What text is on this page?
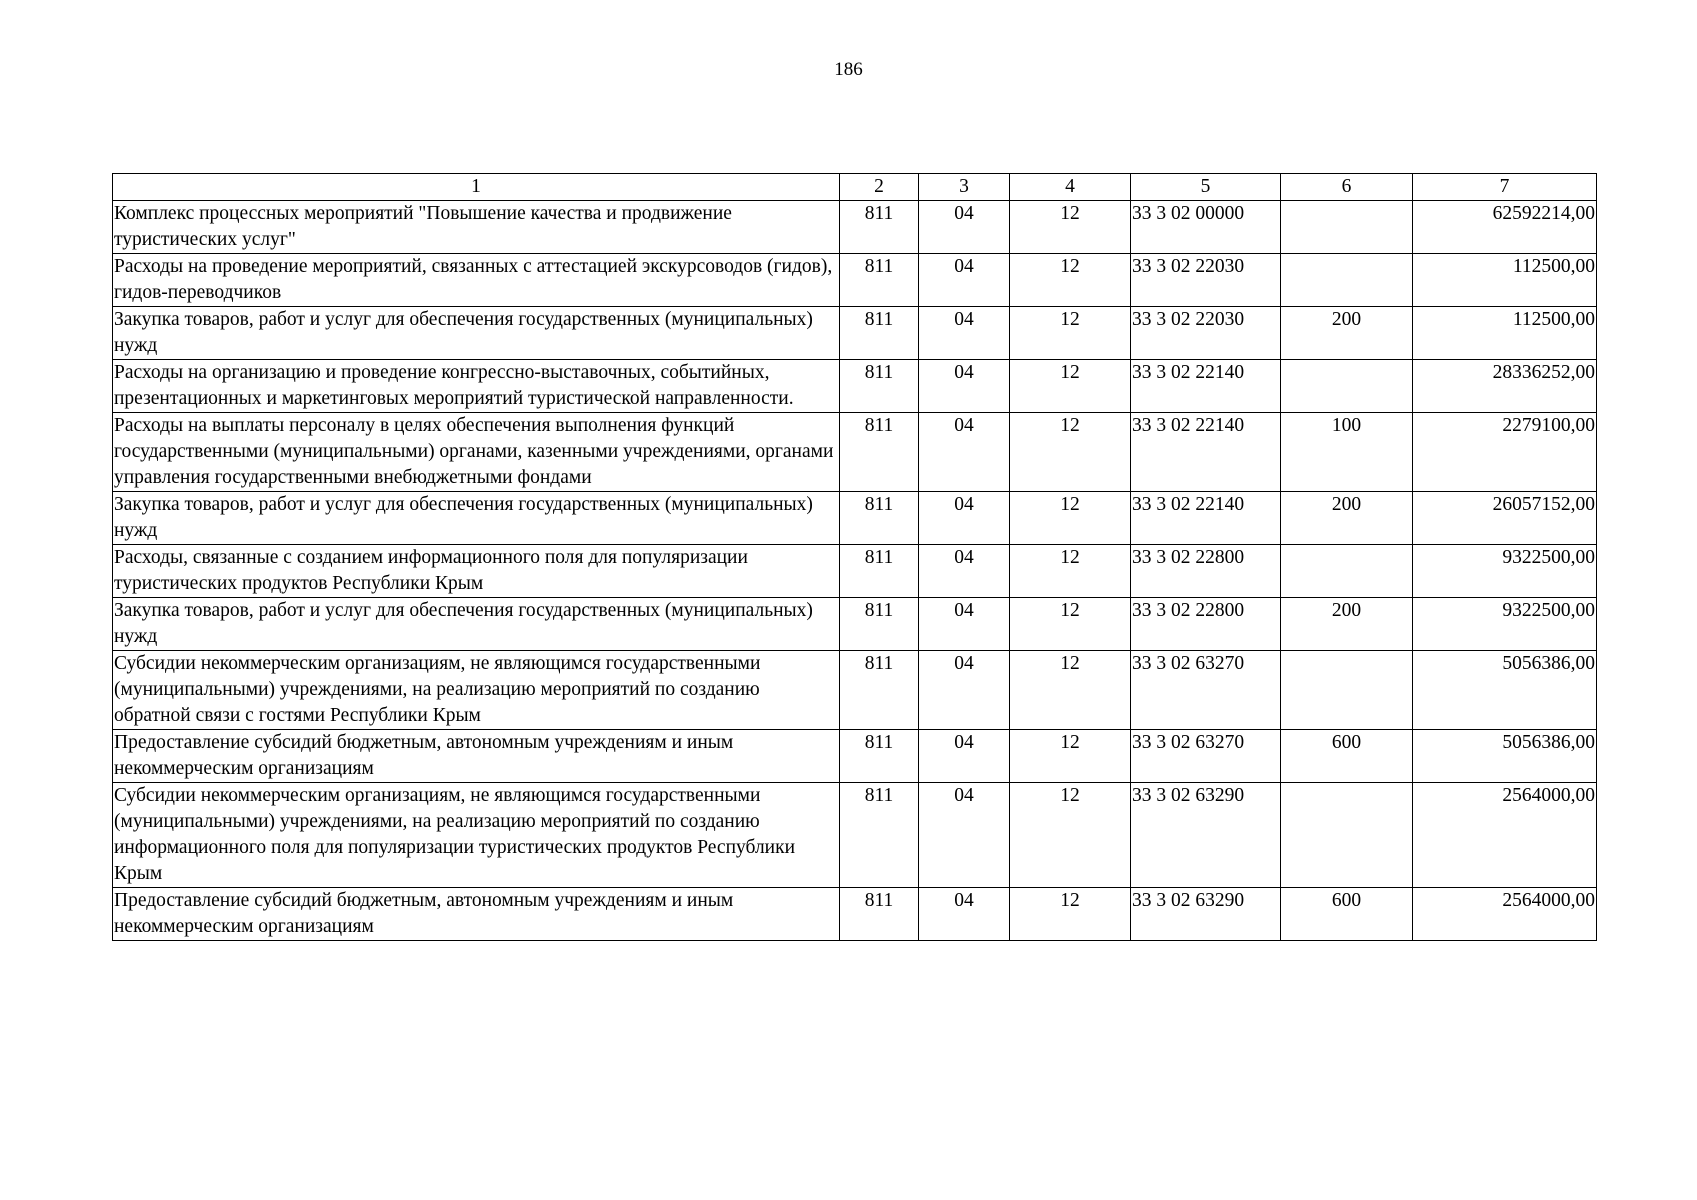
186
1	2	3	4	5	6	7
Комплекс процессных мероприятий "Повышение качества и продвижение туристических услуг"	811	04	12	33 3 02 00000		62592214,00
Расходы на проведение мероприятий, связанных с аттестацией экскурсоводов (гидов), гидов-переводчиков	811	04	12	33 3 02 22030		112500,00
Закупка товаров, работ и услуг для обеспечения государственных (муниципальных) нужд	811	04	12	33 3 02 22030	200	112500,00
Расходы на организацию и проведение конгрессно-выставочных, событийных, презентационных и маркетинговых мероприятий туристической направленности.	811	04	12	33 3 02 22140		28336252,00
Расходы на выплаты персоналу в целях обеспечения выполнения функций государственными (муниципальными) органами, казенными учреждениями, органами управления государственными внебюджетными фондами	811	04	12	33 3 02 22140	100	2279100,00
Закупка товаров, работ и услуг для обеспечения государственных (муниципальных) нужд	811	04	12	33 3 02 22140	200	26057152,00
Расходы, связанные с созданием информационного поля для популяризации туристических продуктов Республики Крым	811	04	12	33 3 02 22800		9322500,00
Закупка товаров, работ и услуг для обеспечения государственных (муниципальных) нужд	811	04	12	33 3 02 22800	200	9322500,00
Субсидии некоммерческим организациям, не являющимся государственными (муниципальными) учреждениями, на реализацию мероприятий по созданию обратной связи с гостями Республики Крым	811	04	12	33 3 02 63270		5056386,00
Предоставление субсидий бюджетным, автономным учреждениям и иным некоммерческим организациям	811	04	12	33 3 02 63270	600	5056386,00
Субсидии некоммерческим организациям, не являющимся государственными (муниципальными) учреждениями, на реализацию мероприятий по созданию информационного поля для популяризации туристических продуктов Республики Крым	811	04	12	33 3 02 63290		2564000,00
Предоставление субсидий бюджетным, автономным учреждениям и иным некоммерческим организациям	811	04	12	33 3 02 63290	600	2564000,00
